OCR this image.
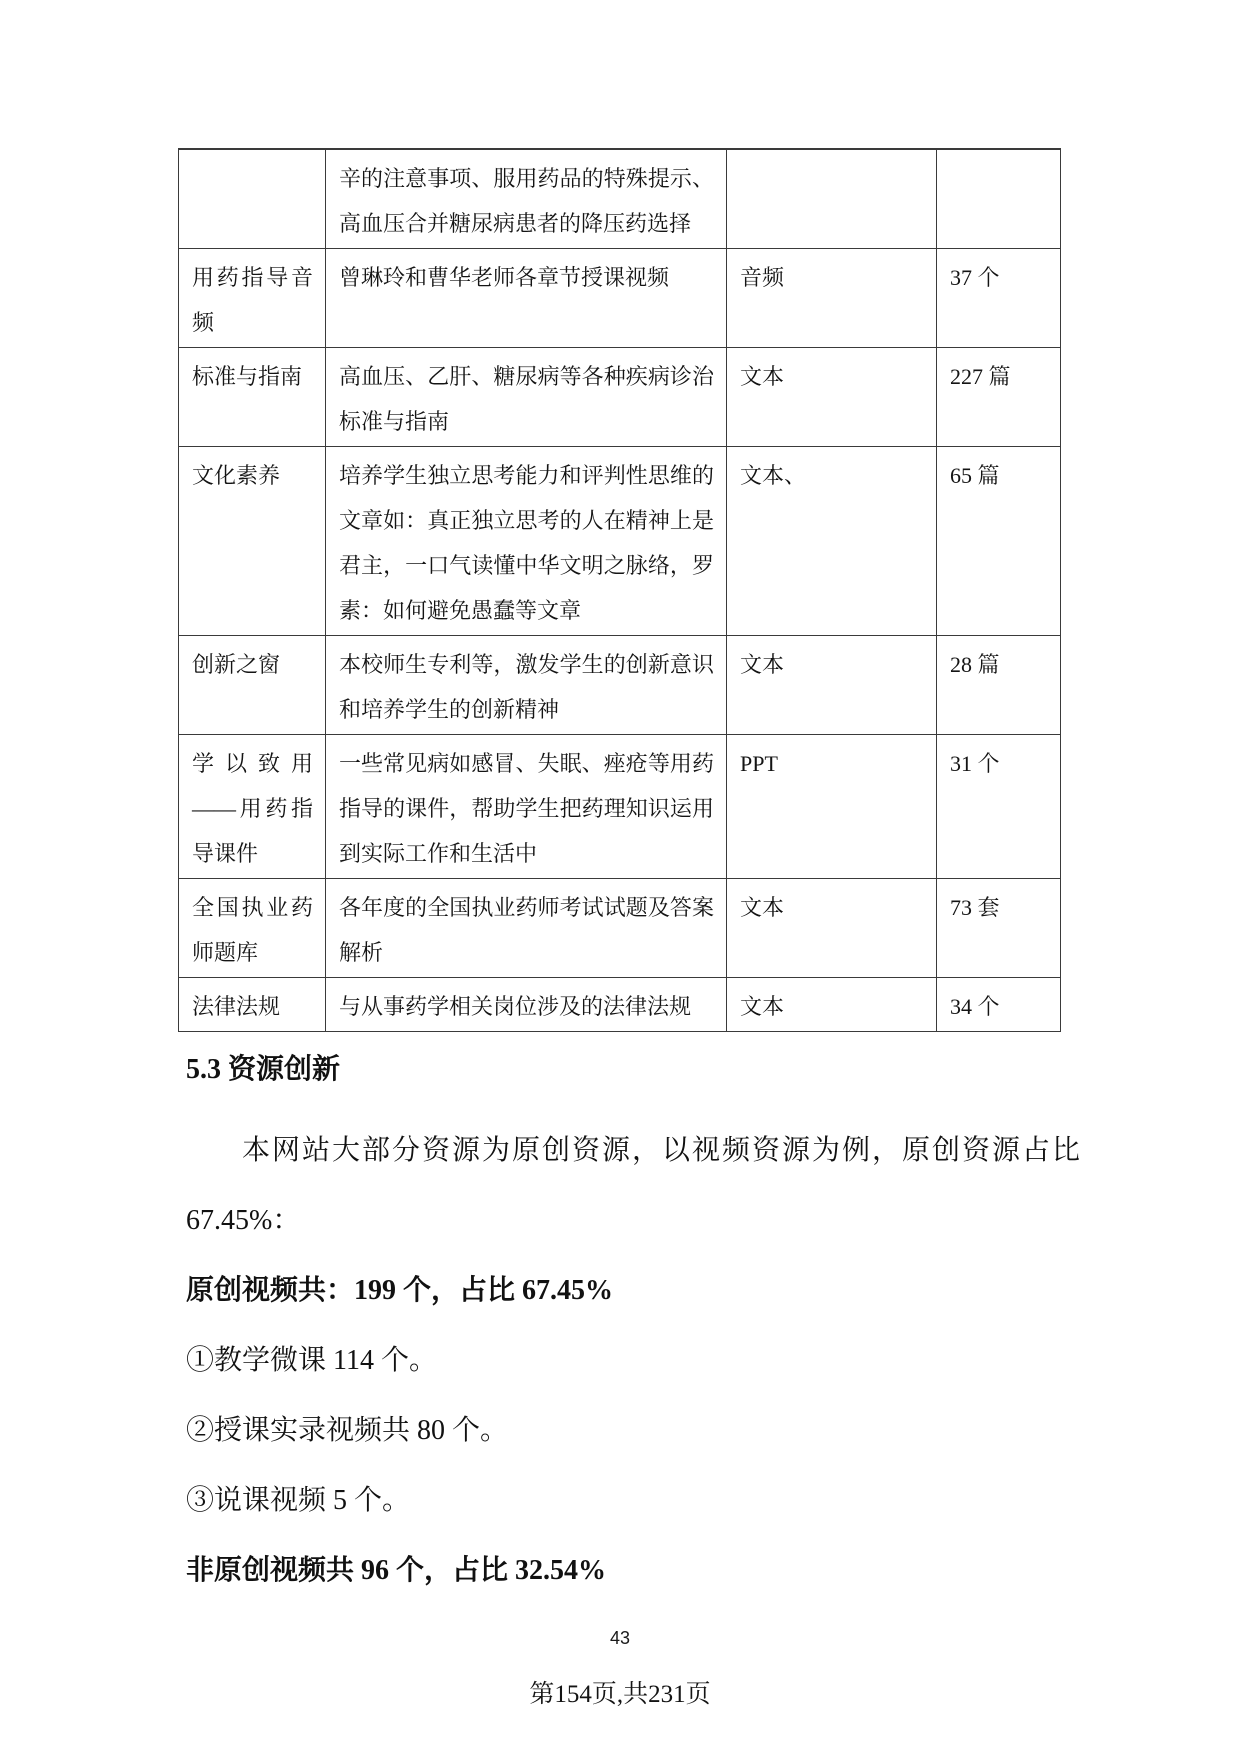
	辛的注意事项、服用药品的特殊提示、高血压合并糖尿病患者的降压药选择		
用药指导音频	曾琳玲和曹华老师各章节授课视频	音频	37 个
标准与指南	高血压、乙肝、糖尿病等各种疾病诊治标准与指南	文本	227 篇
文化素养	培养学生独立思考能力和评判性思维的文章如：真正独立思考的人在精神上是君主，一口气读懂中华文明之脉络，罗素：如何避免愚蠢等文章	文本、	65 篇
创新之窗	本校师生专利等，激发学生的创新意识和培养学生的创新精神	文本	28 篇
学以致用——用药指导课件	一些常见病如感冒、失眠、痤疮等用药指导的课件，帮助学生把药理知识运用到实际工作和生活中	PPT	31 个
全国执业药师题库	各年度的全国执业药师考试试题及答案解析	文本	73 套
法律法规	与从事药学相关岗位涉及的法律法规	文本	34 个
5.3 资源创新

本网站大部分资源为原创资源，以视频资源为例，原创资源占比 67.45%：

原创视频共：199 个，占比 67.45%
①教学微课 114 个。
②授课实录视频共 80 个。
③说课视频 5 个。
非原创视频共 96 个，占比 32.54%
43
第154页,共231页
